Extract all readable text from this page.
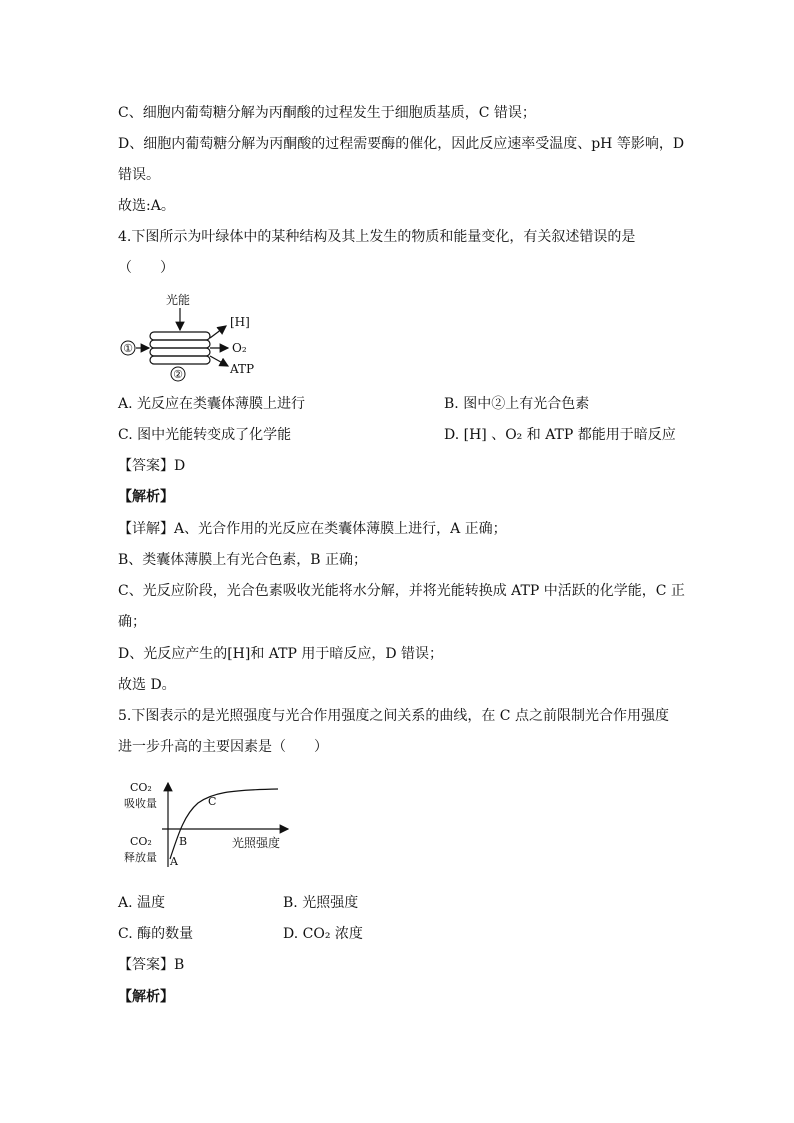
C、细胞内葡萄糖分解为丙酮酸的过程发生于细胞质基质，C 错误；
D、细胞内葡萄糖分解为丙酮酸的过程需要酶的催化，因此反应速率受温度、pH 等影响，D
错误。
故选:A。
4.下图所示为叶绿体中的某种结构及其上发生的物质和能量变化，有关叙述错误的是
（　　）
光能
①
②
[H]
O₂
ATP
A. 光反应在类囊体薄膜上进行	B. 图中②上有光合色素
C. 图中光能转变成了化学能	D. [H] 、O₂ 和 ATP 都能用于暗反应
【答案】D
【解析】
【详解】A、光合作用的光反应在类囊体薄膜上进行，A 正确；
B、类囊体薄膜上有光合色素，B 正确；
C、光反应阶段，光合色素吸收光能将水分解，并将光能转换成 ATP 中活跃的化学能，C 正
确；
D、光反应产生的[H]和 ATP 用于暗反应，D 错误；
故选 D。
5.下图表示的是光照强度与光合作用强度之间关系的曲线，在 C 点之前限制光合作用强度
进一步升高的主要因素是（　　）
CO₂
吸收量
CO₂
释放量 A
B
C
光照强度
A. 温度	B. 光照强度
C. 酶的数量	D. CO₂ 浓度
【答案】B
【解析】
